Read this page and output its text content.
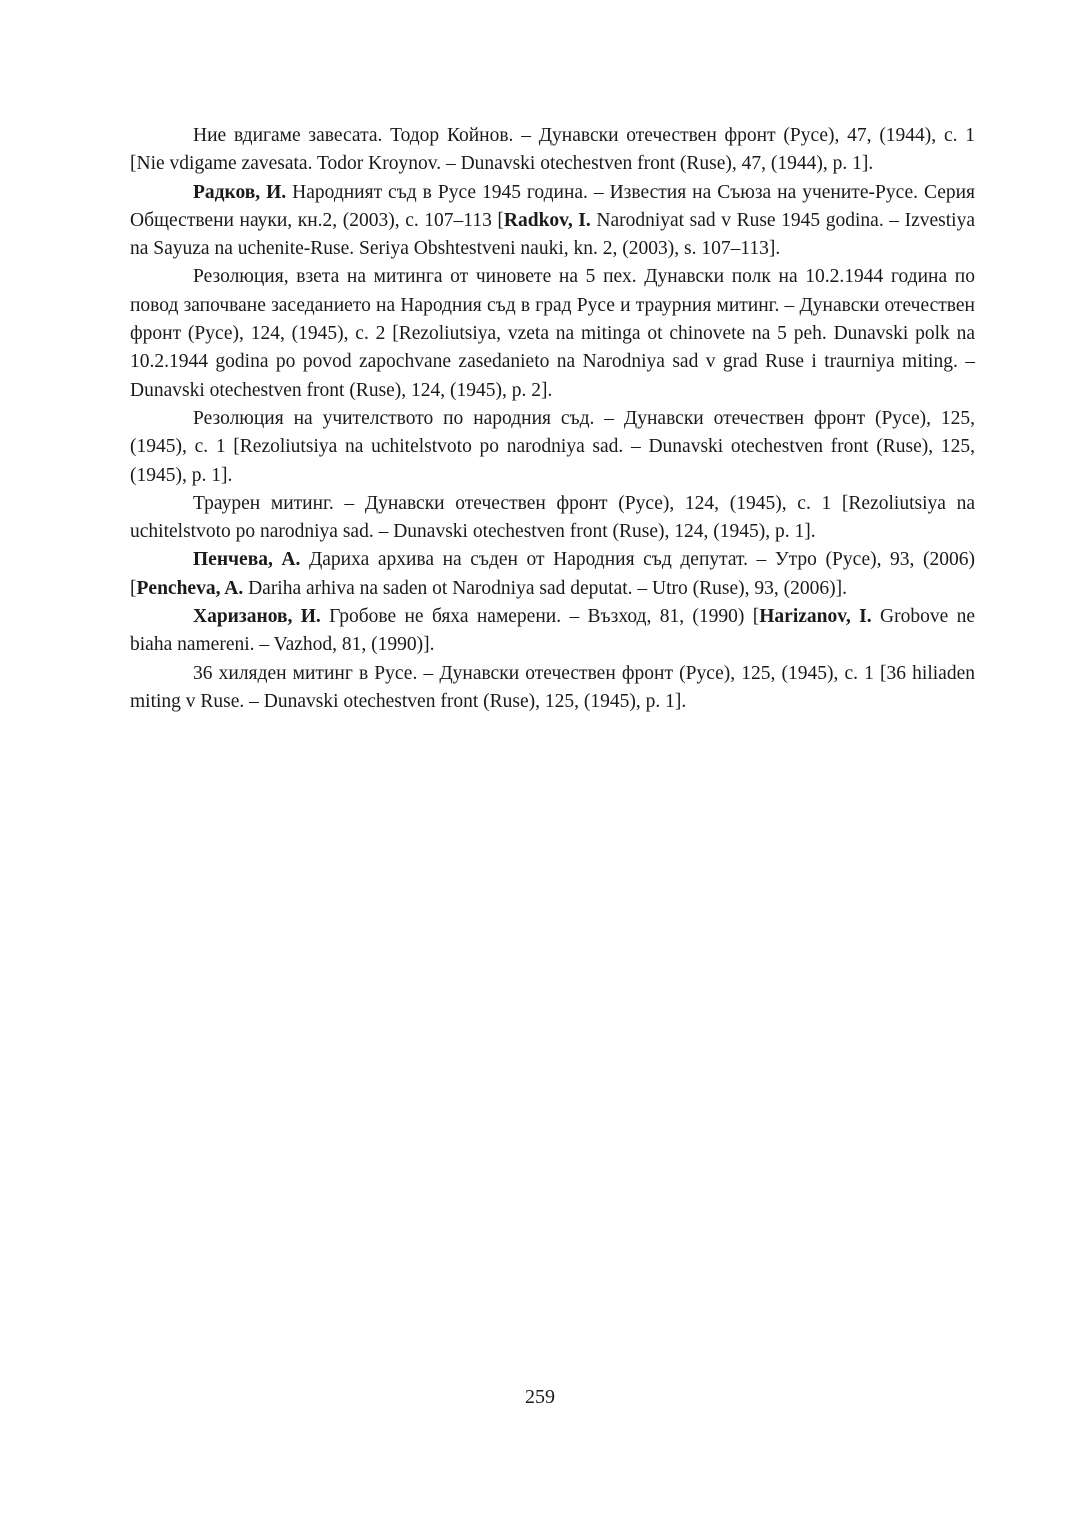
Ние вдигаме завесата. Тодор Койнов. – Дунавски отечествен фронт (Русе), 47, (1944), с. 1 [Nie vdigame zavesata. Todor Kroynov. – Dunavski otechestven front (Ruse), 47, (1944), p. 1].

Радков, И. Народният съд в Русе 1945 година. – Известия на Съюза на учените-Русе. Серия Обществени науки, кн.2, (2003), с. 107–113 [Radkov, I. Narodniyat sad v Ruse 1945 godina. – Izvestiya na Sayuza na uchenite-Ruse. Seriya Obshtestveni nauki, kn. 2, (2003), s. 107–113].

Резолюция, взета на митинга от чиновете на 5 пех. Дунавски полк на 10.2.1944 година по повод започване заседанието на Народния съд в град Русе и траурния митинг. – Дунавски отечествен фронт (Русе), 124, (1945), с. 2 [Rezoliutsiya, vzeta na mitinga ot chinovete na 5 peh. Dunavski polk na 10.2.1944 godina po povod zapochvane zasedanieto na Narodniya sad v grad Ruse i traurniya miting. – Dunavski otechestven front (Ruse), 124, (1945), p. 2].

Резолюция на учителството по народния съд. – Дунавски отечествен фронт (Русе), 125, (1945), с. 1 [Rezoliutsiya na uchitelstvoto po narodniya sad. – Dunavski otechestven front (Ruse), 125, (1945), p. 1].

Траурен митинг. – Дунавски отечествен фронт (Русе), 124, (1945), с. 1 [Rezoliutsiya na uchitelstvoto po narodniya sad. – Dunavski otechestven front (Ruse), 124, (1945), p. 1].

Пенчева, А. Дариха архива на съден от Народния съд депутат. – Утро (Русе), 93, (2006) [Pencheva, A. Dariha arhiva na saden ot Narodniya sad deputat. – Utro (Ruse), 93, (2006)].

Харизанов, И. Гробове не бяха намерени. – Възход, 81, (1990) [Harizanov, I. Grobove ne biaha namereni. – Vazhod, 81, (1990)].

36 хиляден митинг в Русе. – Дунавски отечествен фронт (Русе), 125, (1945), с. 1 [36 hiliaden miting v Ruse. – Dunavski otechestven front (Ruse), 125, (1945), p. 1].

259
